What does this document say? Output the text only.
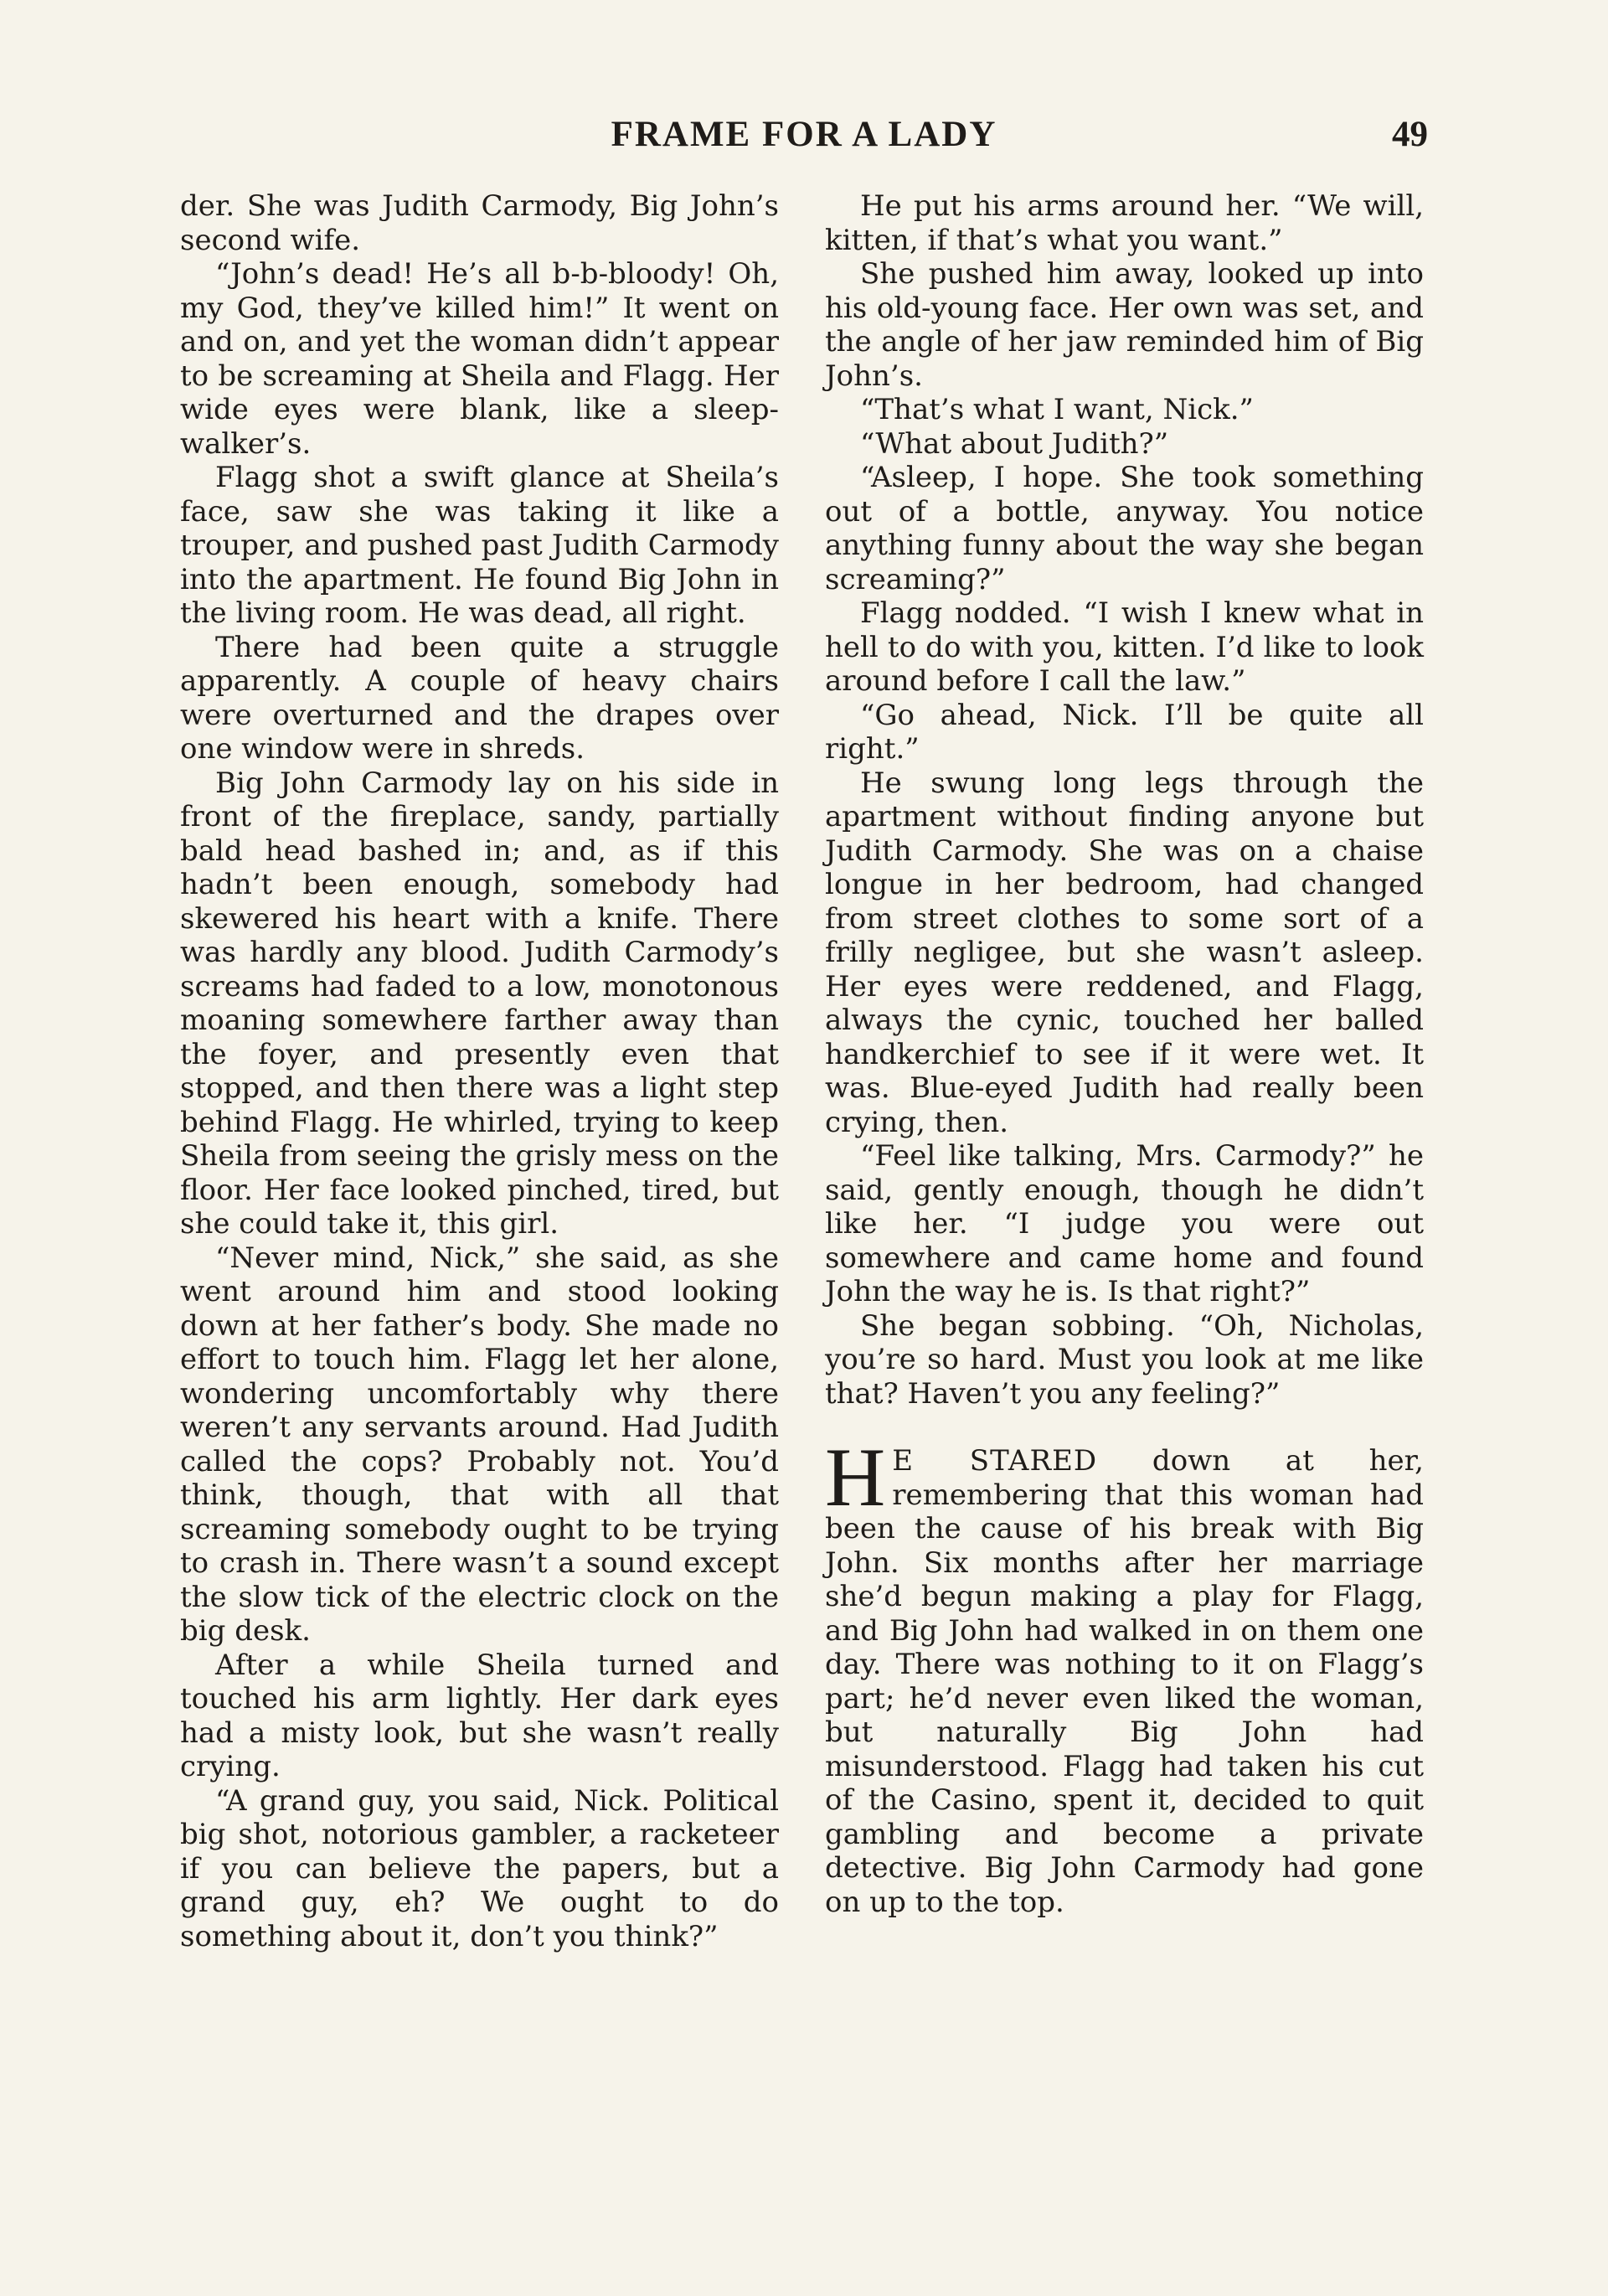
FRAME FOR A LADY	49

der. She was Judith Carmody, Big John’s second wife.

“John’s dead! He’s all b-b-bloody! Oh, my God, they’ve killed him!” It went on and on, and yet the woman didn’t appear to be screaming at Sheila and Flagg. Her wide eyes were blank, like a sleep-walker’s.

Flagg shot a swift glance at Sheila’s face, saw she was taking it like a trouper, and pushed past Judith Carmody into the apartment. He found Big John in the living room. He was dead, all right.

There had been quite a struggle apparently. A couple of heavy chairs were overturned and the drapes over one window were in shreds.

Big John Carmody lay on his side in front of the fireplace, sandy, partially bald head bashed in; and, as if this hadn’t been enough, somebody had skewered his heart with a knife. There was hardly any blood. Judith Carmody’s screams had faded to a low, monotonous moaning somewhere farther away than the foyer, and presently even that stopped, and then there was a light step behind Flagg. He whirled, trying to keep Sheila from seeing the grisly mess on the floor. Her face looked pinched, tired, but she could take it, this girl.

“Never mind, Nick,” she said, as she went around him and stood looking down at her father’s body. She made no effort to touch him. Flagg let her alone, wondering uncomfortably why there weren’t any servants around. Had Judith called the cops? Probably not. You’d think, though, that with all that screaming somebody ought to be trying to crash in. There wasn’t a sound except the slow tick of the electric clock on the big desk.

After a while Sheila turned and touched his arm lightly. Her dark eyes had a misty look, but she wasn’t really crying.

“A grand guy, you said, Nick. Political big shot, notorious gambler, a racketeer if you can believe the papers, but a grand guy, eh? We ought to do something about it, don’t you think?”

He put his arms around her. “We will, kitten, if that’s what you want.”

She pushed him away, looked up into his old-young face. Her own was set, and the angle of her jaw reminded him of Big John’s.

“That’s what I want, Nick.”

“What about Judith?”

“Asleep, I hope. She took something out of a bottle, anyway. You notice anything funny about the way she began screaming?”

Flagg nodded. “I wish I knew what in hell to do with you, kitten. I’d like to look around before I call the law.”

“Go ahead, Nick. I’ll be quite all right.”

He swung long legs through the apartment without finding anyone but Judith Carmody. She was on a chaise longue in her bedroom, had changed from street clothes to some sort of a frilly negligee, but she wasn’t asleep. Her eyes were reddened, and Flagg, always the cynic, touched her balled handkerchief to see if it were wet. It was. Blue-eyed Judith had really been crying, then.

“Feel like talking, Mrs. Carmody?” he said, gently enough, though he didn’t like her. “I judge you were out somewhere and came home and found John the way he is. Is that right?”

She began sobbing. “Oh, Nicholas, you’re so hard. Must you look at me like that? Haven’t you any feeling?”

H E STARED down at her, remembering that this woman had been the cause of his break with Big John. Six months after her marriage she’d begun making a play for Flagg, and Big John had walked in on them one day. There was nothing to it on Flagg’s part; he’d never even liked the woman, but naturally Big John had misunderstood. Flagg had taken his cut of the Casino, spent it, decided to quit gambling and become a private detective. Big John Carmody had gone on up to the top.
